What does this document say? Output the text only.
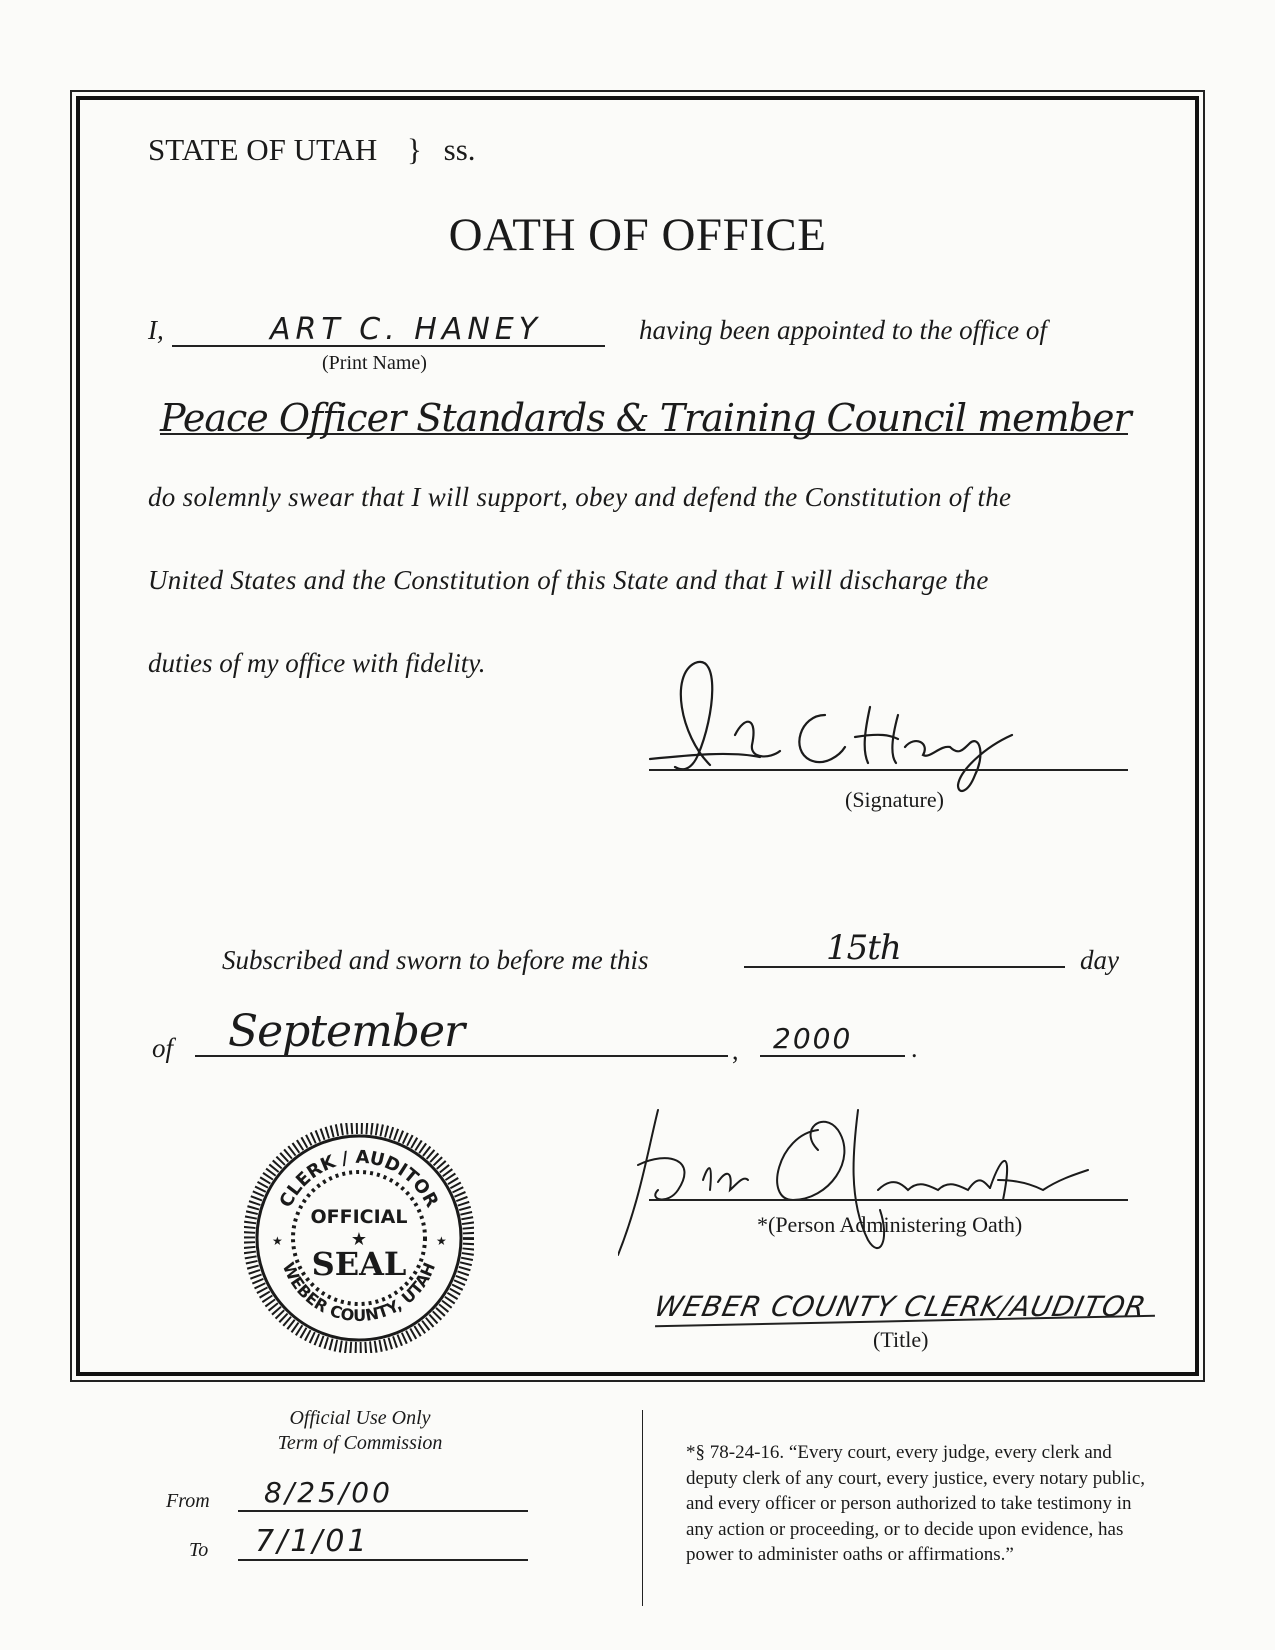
STATE OF UTAH } ss.
OATH OF OFFICE
I,	ART C. HANEY
(Print Name)
having been appointed to the office of
Peace Officer Standards & Training Council member
do solemnly swear that I will support, obey and defend the Constitution of the
United States and the Constitution of this State and that I will discharge the
duties of my office with fidelity.
(Signature)
Subscribed and sworn to before me this	15th	day
of September	, 2000 .
CLERK / AUDITOR
WEBER COUNTY, UTAH
OFFICIAL
★
SEAL
★	★
*(Person Administering Oath)
WEBER COUNTY CLERK/AUDITOR
(Title)
Official Use Only
Term of Commission
From 8/25/00
To 7/1/01
*§ 78-24-16. “Every court, every judge, every clerk and
deputy clerk of any court, every justice, every notary public,
and every officer or person authorized to take testimony in
any action or proceeding, or to decide upon evidence, has
power to administer oaths or affirmations.”
